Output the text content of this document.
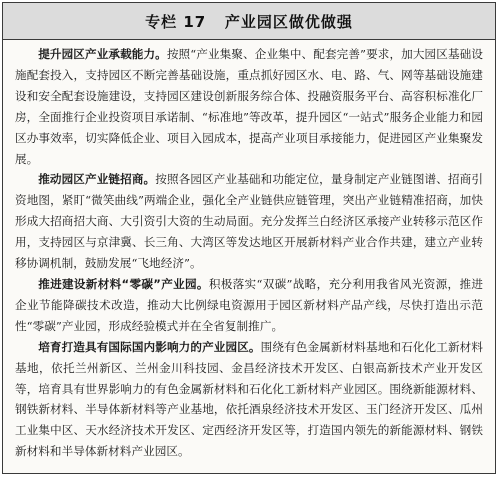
专栏 17   产业园区做优做强

提升园区产业承载能力。按照“产业集聚、企业集中、配套完善”要求，加大园区基础设施配套投入，支持园区不断完善基础设施，重点抓好园区水、电、路、气、网等基础设施建设和安全配套设施建设，支持园区建设创新服务综合体、投融资服务平台、高容积标准化厂房，全面推行企业投资项目承诺制、“标准地”等改革，提升园区“一站式”服务企业能力和园区办事效率，切实降低企业、项目入园成本，提高产业项目承接能力，促进园区产业集聚发展。

推动园区产业链招商。按照各园区产业基础和功能定位，量身制定产业链图谱、招商引资地图，紧盯“微笑曲线”两端企业，强化全产业链供应链管理，突出产业链精准招商，加快形成大招商招大商、大引资引大资的生动局面。充分发挥兰白经济区承接产业转移示范区作用，支持园区与京津冀、长三角、大湾区等发达地区开展新材料产业合作共建，建立产业转移协调机制，鼓励发展“飞地经济”。

推进建设新材料“零碳”产业园。积极落实“双碳”战略，充分利用我省风光资源，推进企业节能降碳技术改造，推动大比例绿电资源用于园区新材料产品产线，尽快打造出示范性“零碳”产业园，形成经验模式并在全省复制推广。

培育打造具有国际国内影响力的产业园区。围绕有色金属新材料基地和石化化工新材料基地，依托兰州新区、兰州金川科技园、金昌经济技术开发区、白银高新技术产业开发区等，培育具有世界影响力的有色金属新材料和石化化工新材料产业园区。围绕新能源材料、钢铁新材料、半导体新材料等产业基地，依托酒泉经济技术开发区、玉门经济开发区、瓜州工业集中区、天水经济技术开发区、定西经济开发区等，打造国内领先的新能源材料、钢铁新材料和半导体新材料产业园区。
